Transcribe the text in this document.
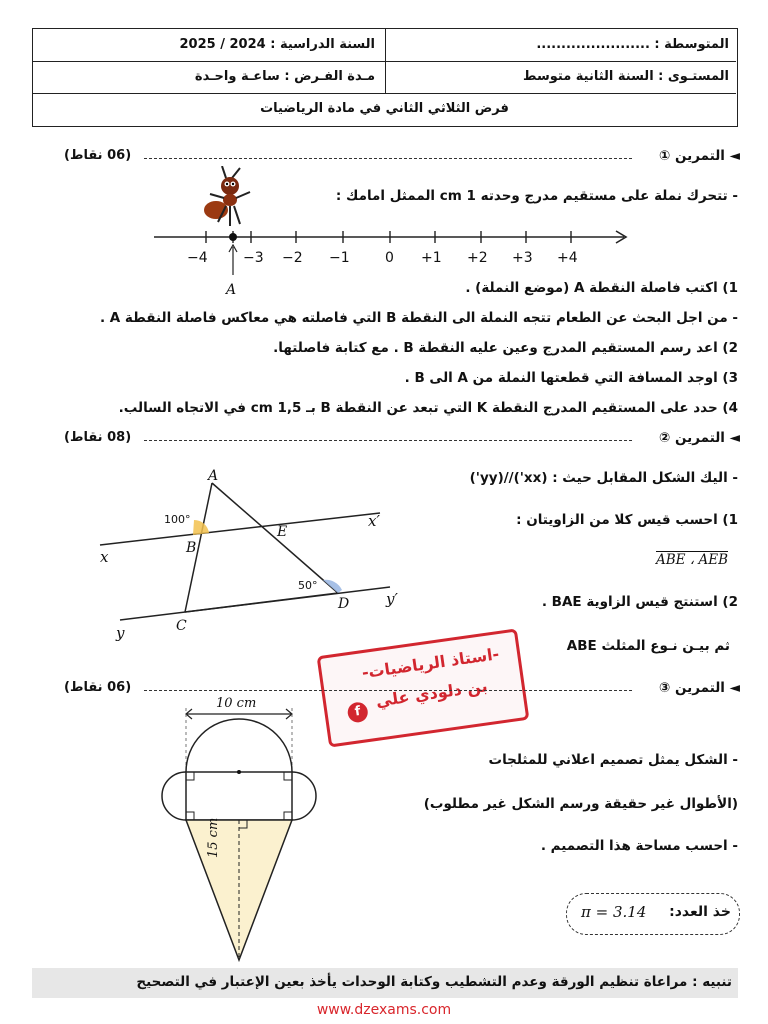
المتوسطة : .......................
السنة الدراسية : 2024 / 2025
المستـوى : السنة الثانية متوسط
مـدة الفـرض : ساعـة واحـدة
فرض الثلاثي الثاني في مادة الرياضيات
◄ التمرين ①
(06 نقاط)
- تتحرك نملة على مستقيم مدرج وحدته 1 cm الممثل امامك :
−4	−3 −2 −1	0 +1 +2 +3 +4
A	1) اكتب فاصلة النقطة A (موضع النملة) .
- من اجل البحث عن الطعام تتجه النملة الى النقطة B التي فاصلته هي معاكس فاصلة النقطة A .
2) اعد رسم المستقيم المدرج وعين عليه النقطة B . مع كتابة فاصلتها.
3) اوجد المسافة التي قطعتها النملة من A الى B .
4) حدد على المستقيم المدرج النقطة K التي تبعد عن النقطة B بـ 1,5 cm في الاتجاه السالب.
◄ التمرين ②
(08 نقاط)
- اليك الشكل المقابل حيث : (xx')//(yy')
1) احسب قيس كلا من الزاويتان :
ABE ، AEB
2) استنتج قيس الزاوية BAE .
ثم بيـن نـوع المثلث ABE
A
B
C
D
E
x
x′
y
y′
100°
50°
-استاذ الرياضيات-
بن دلودي علي
f
◄ التمرين ③
(06 نقاط)
- الشكل يمثل تصميم اعلاني للمثلجات
(الأطوال غير حقيقة ورسم الشكل غير مطلوب)
- احسب مساحة هذا التصميم .
خذ العدد:
π = 3.14
10 cm
15 cm
تنبيه : مراعاة تنظيم الورقة وعدم التشطيب وكتابة الوحدات يأخذ بعين الإعتبار في التصحيح
www.dzexams.com
